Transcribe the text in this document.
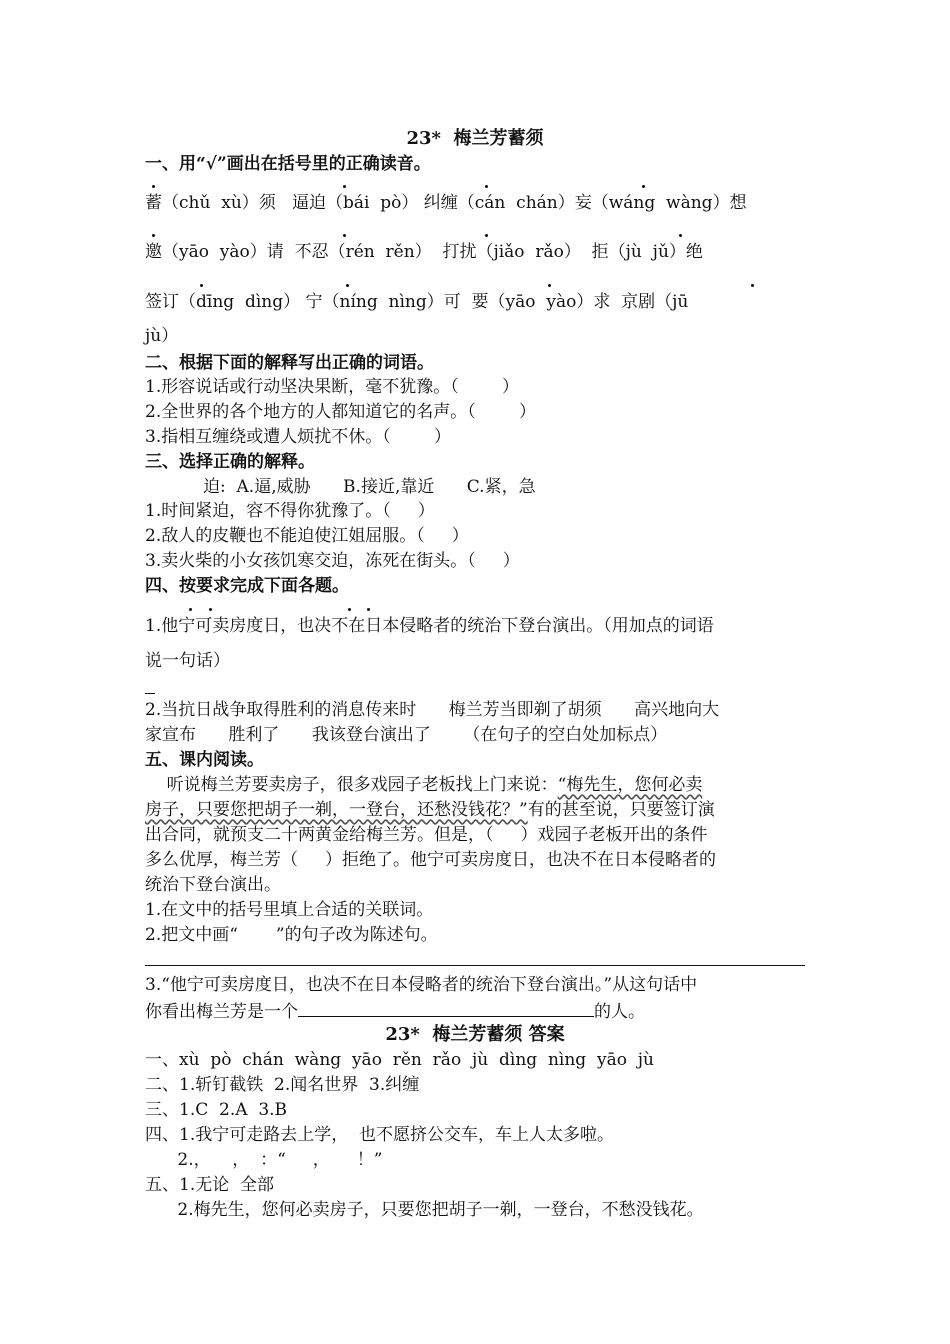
23*  梅兰芳蓄须
一、用“√”画出在括号里的正确读音。
蓄（chǔ  xù）须   逼迫（bái  pò） 纠缠（cán  chán）妄（wáng  wàng）想
邀（yāo  yào）请  不忍（rén  rěn）  打扰（jiǎo  rǎo）  拒（jù  jǔ）绝
签订（dīng  dìng） 宁（níng  nìng）可  要（yāo  yào）求  京剧（jū
jù）
二、根据下面的解释写出正确的词语。
1.形容说话或行动坚决果断，毫不犹豫。（        ）
2.全世界的各个地方的人都知道它的名声。（        ）
3.指相互缠绕或遭人烦扰不休。（        ）
三、选择正确的解释。
迫:  A.逼,威胁      B.接近,靠近      C.紧，急
1.时间紧迫，容不得你犹豫了。（     ）
2.敌人的皮鞭也不能迫使江姐屈服。（     ）
3.卖火柴的小女孩饥寒交迫，冻死在街头。（     ）
四、按要求完成下面各题。
1.他宁可卖房度日，也决不在日本侵略者的统治下登台演出。（用加点的词语
说一句话）
2.当抗日战争取得胜利的消息传来时      梅兰芳当即剃了胡须      高兴地向大
家宣布      胜利了      我该登台演出了      （在句子的空白处加标点）
五、课内阅读。
听说梅兰芳要卖房子，很多戏园子老板找上门来说：“梅先生，您何必卖
房子，只要您把胡子一剃，一登台，还愁没钱花？”有的甚至说，只要签订演
出合同，就预支二十两黄金给梅兰芳。但是，（     ）戏园子老板开出的条件
多么优厚，梅兰芳（     ）拒绝了。他宁可卖房度日，也决不在日本侵略者的
统治下登台演出。
1.在文中的括号里填上合适的关联词。
2.把文中画“ ”的句子改为陈述句。
3.“他宁可卖房度日，也决不在日本侵略者的统治下登台演出。”从这句话中
你看出梅兰芳是一个	的人。
23*  梅兰芳蓄须 答案
一、xù  pò  chán  wàng  yāo  rěn  rǎo  jù  dìng  nìng  yāo  jù
二、1.斩钉截铁  2.闻名世界  3.纠缠
三、1.C  2.A  3.B
四、1.我宁可走路去上学，  也不愿挤公交车，车上人太多啦。
2.，    ，  ：“     ，     ！”
五、1.无论  全部
2.梅先生，您何必卖房子，只要您把胡子一剃，一登台，不愁没钱花。
